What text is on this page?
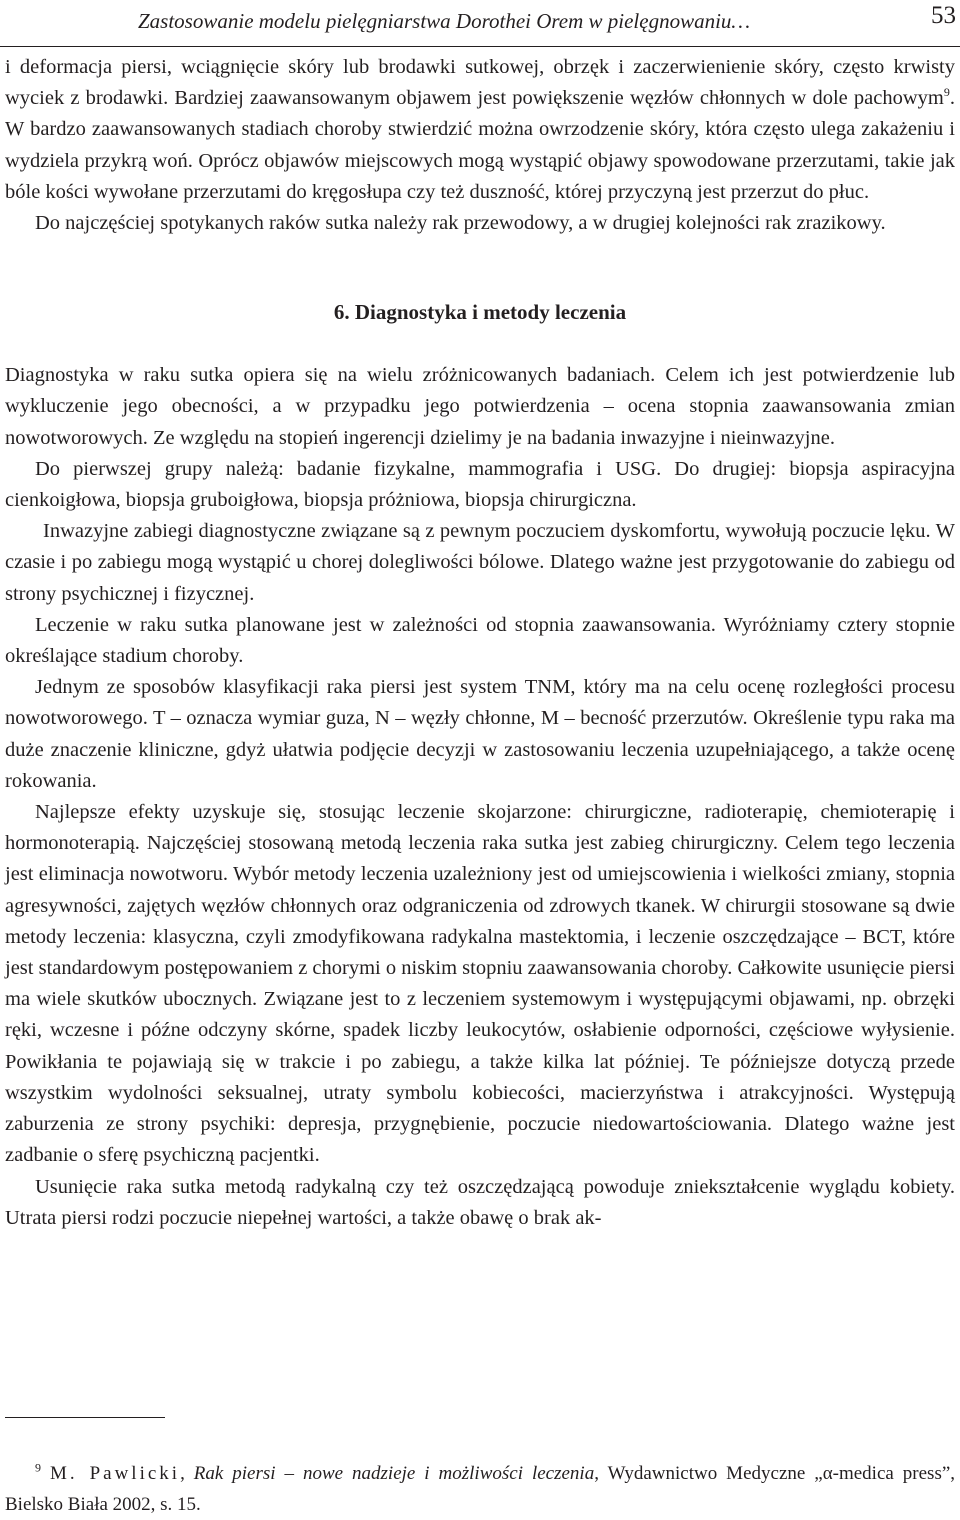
Zastosowanie modelu pielęgniarstwa Dorothei Orem w pielęgnowaniu…	53

i deformacja piersi, wciągnięcie skóry lub brodawki sutkowej, obrzęk i zaczerwienienie skóry, często krwisty wyciek z brodawki. Bardziej zaawansowanym objawem jest powiększenie węzłów chłonnych w dole pachowym$^9$. W bardzo zaawansowanych stadiach choroby stwierdzić można owrzodzenie skóry, która często ulega zakażeniu i wydziela przykrą woń. Oprócz objawów miejscowych mogą wystąpić objawy spowodowane przerzutami, takie jak bóle kości wywołane przerzutami do kręgosłupa czy też duszność, której przyczyną jest przerzut do płuc.

Do najczęściej spotykanych raków sutka należy rak przewodowy, a w drugiej kolejności rak zrazikowy.

6. Diagnostyka i metody leczenia

Diagnostyka w raku sutka opiera się na wielu zróżnicowanych badaniach. Celem ich jest potwierdzenie lub wykluczenie jego obecności, a w przypadku jego potwierdzenia – ocena stopnia zaawansowania zmian nowotworowych. Ze względu na stopień ingerencji dzielimy je na badania inwazyjne i nieinwazyjne.

Do pierwszej grupy należą: badanie fizykalne, mammografia i USG. Do drugiej: biopsja aspiracyjna cienkoigłowa, biopsja gruboigłowa, biopsja próżniowa, biopsja chirurgiczna.

Inwazyjne zabiegi diagnostyczne związane są z pewnym poczuciem dyskomfortu, wywołują poczucie lęku. W czasie i po zabiegu mogą wystąpić u chorej dolegliwości bólowe. Dlatego ważne jest przygotowanie do zabiegu od strony psychicznej i fizycznej.

Leczenie w raku sutka planowane jest w zależności od stopnia zaawansowania. Wyróżniamy cztery stopnie określające stadium choroby.

Jednym ze sposobów klasyfikacji raka piersi jest system TNM, który ma na celu ocenę rozległości procesu nowotworowego. T – oznacza wymiar guza, N – węzły chłonne, M – becność przerzutów. Określenie typu raka ma duże znaczenie kliniczne, gdyż ułatwia podjęcie decyzji w zastosowaniu leczenia uzupełniającego, a także ocenę rokowania.

Najlepsze efekty uzyskuje się, stosując leczenie skojarzone: chirurgiczne, radioterapię, chemioterapię i hormonoterapią. Najczęściej stosowaną metodą leczenia raka sutka jest zabieg chirurgiczny. Celem tego leczenia jest eliminacja nowotworu. Wybór metody leczenia uzależniony jest od umiejscowienia i wielkości zmiany, stopnia agresywności, zajętych węzłów chłonnych oraz odgraniczenia od zdrowych tkanek. W chirurgii stosowane są dwie metody leczenia: klasyczna, czyli zmodyfikowana radykalna mastektomia, i leczenie oszczędzające – BCT, które jest standardowym postępowaniem z chorymi o niskim stopniu zaawansowania choroby. Całkowite usunięcie piersi ma wiele skutków ubocznych. Związane jest to z leczeniem systemowym i występującymi objawami, np. obrzęki ręki, wczesne i późne odczyny skórne, spadek liczby leukocytów, osłabienie odporności, częściowe wyłysienie. Powikłania te pojawiają się w trakcie i po zabiegu, a także kilka lat później. Te późniejsze dotyczą przede wszystkim wydolności seksualnej, utraty symbolu kobiecości, macierzyństwa i atrakcyjności. Występują zaburzenia ze strony psychiki: depresja, przygnębienie, poczucie niedowartościowania. Dlatego ważne jest zadbanie o sferę psychiczną pacjentki.

Usunięcie raka sutka metodą radykalną czy też oszczędzającą powoduje zniekształcenie wyglądu kobiety. Utrata piersi rodzi poczucie niepełnej wartości, a także obawę o brak ak-

$^9$ M. Pawlicki, Rak piersi – nowe nadzieje i możliwości leczenia, Wydawnictwo Medyczne „α-medica press”, Bielsko Biała 2002, s. 15.
